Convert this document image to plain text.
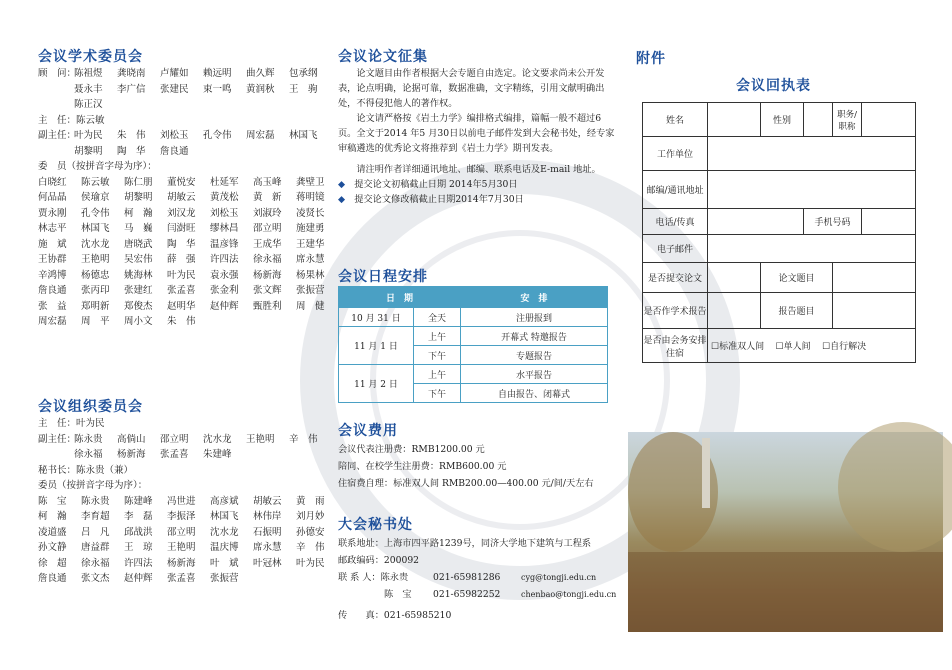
会议学术委员会
顾　问：
陈祖煜	龚晓南	卢耀如	赖远明	曲久辉	包承纲
聂永丰	李广信	张建民	束一鸣	黄润秋	王　驹
陈正汉
主　任：陈云敏
副主任：
叶为民	朱　伟	刘松玉	孔令伟	周宏磊	林国飞
胡黎明	陶　华	詹良通
委　员（按拼音字母为序）：
白晓红	陈云敏	陈仁朋	董悦安	杜延军	高玉峰	龚壁卫
何品晶	侯瑜京	胡黎明	胡敏云	黄茂松	黄　新	蒋明镜
贾永刚	孔令伟	柯　瀚	刘汉龙	刘松玉	刘淑玲	凌贤长
林志平	林国飞	马　巍	闫澍旺	缪林昌	邵立明	施建勇
施　斌	沈水龙	唐晓武	陶　华	温彦锋	王成华	王建华
王协群	王艳明	吴宏伟	薛　强	许四法	徐永福	席永慧
辛鸿博	杨德忠	姚海林	叶为民	袁永强	杨新海	杨果林
詹良通	张丙印	张建红	张孟喜	张金利	张文辉	张振营
张　益	郑明新	郑俊杰	赵明华	赵仲辉	甄胜利	周　健
周宏磊	周　平	周小文	朱　伟
会议组织委员会
主　任：叶为民
副主任：
陈永贵	高倘山	邵立明	沈水龙	王艳明	辛　伟
徐永福	杨新海	张孟喜	朱建峰
秘书长：陈永贵（兼）
委员（按拼音字母为序）：
陈　宝	陈永贵	陈建峰	冯世进	高彦斌	胡敏云	黄　雨
柯　瀚	李育超	李　磊	李振泽	林国飞	林伟岸	刘月妙
凌道盛	吕　凡	邱战洪	邵立明	沈水龙	石振明	孙德安
孙文静	唐益群	王　琼	王艳明	温庆博	席永慧	辛　伟
徐　超	徐永福	许四法	杨新海	叶　斌	叶冠林	叶为民
詹良通	张文杰	赵仲辉	张孟喜	张振营
会议论文征集
　　论文题目由作者根据大会专题自由选定。论文要求尚未公开发表，论点明确，论据可靠，数据准确，文字精练，引用文献明确出处，不得侵犯他人的著作权。
　　论文请严格按《岩土力学》编排格式编排，篇幅一般不超过6 页。全文于2014 年5 月30日以前电子邮件发到大会秘书处，经专家审稿遴选的优秀论文将推荐到《岩土力学》期刊发表。
　　请注明作者详细通讯地址、邮编、联系电话及E-mail 地址。
◆　 提交论文初稿截止日期 2014年5月30日
◆　 提交论文修改稿截止日期2014年7月30日
会议日程安排
日　期		安　排
10 月 31 日	全天	注册报到
11 月 1 日	上午	开幕式 特邀报告
	下午	专题报告
11 月 2 日	上午	水平报告
	下午	自由报告、闭幕式
会议费用
会议代表注册费：RMB1200.00 元
陪同、在校学生注册费：RMB600.00 元
住宿费自理：标准双人间 RMB200.00—400.00 元/间/天左右
大会秘书处
联系地址：上海市四平路1239号，同济大学地下建筑与工程系
邮政编码：200092
联 系 人：陈永贵	021-65981286	cyg@tongji.edu.cn
陈　宝	021-65982252	chenbao@tongji.edu.cn
传　　真：021-65985210
附件
会议回执表
姓名		性别		职务/职称	
工作单位					
邮编/通讯地址					
电话/传真			手机号码		
电子邮件					
是否提交论文		论文题目			
是否作学术报告		报告题目			
是否由会务安排住宿	☐ 标准双人间 ☐ 单人间 ☐ 自行解决
